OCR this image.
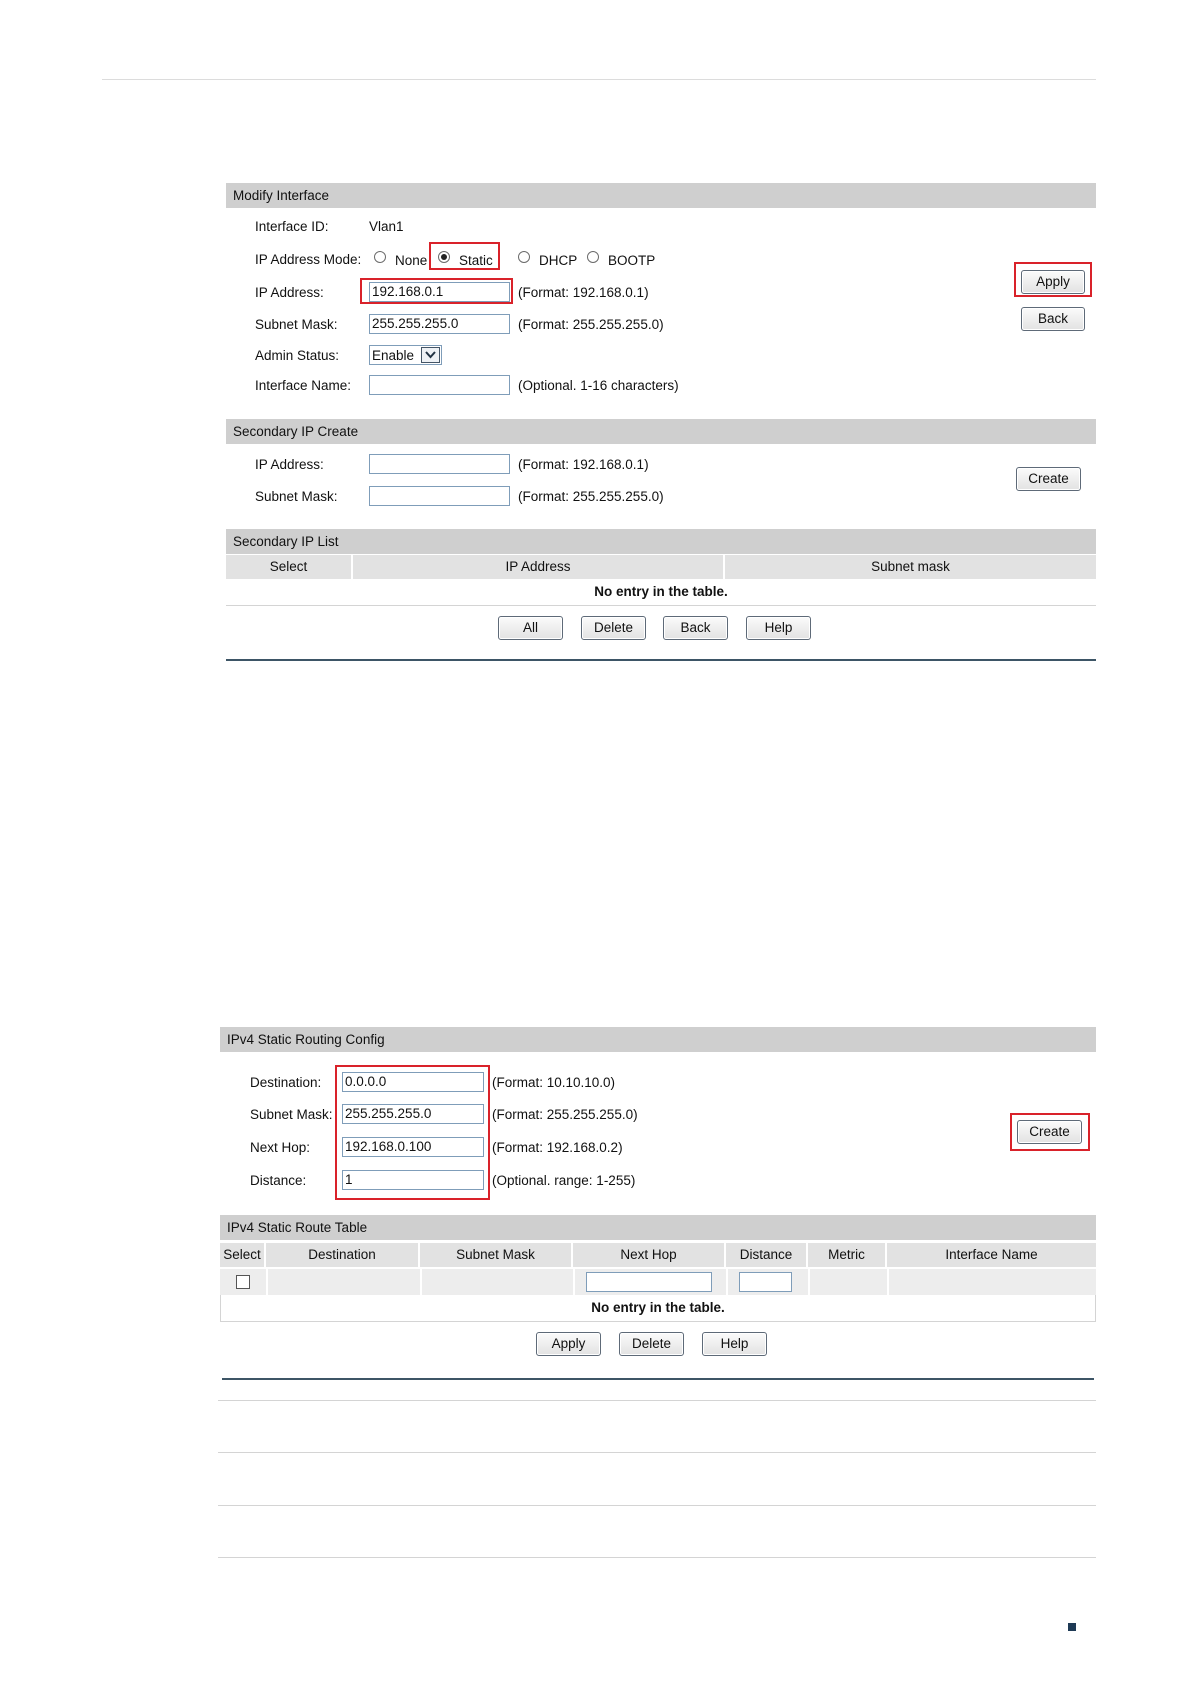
Modify Interface
Interface ID:	Vlan1
IP Address Mode: None Static	DHCP BOOTP
IP Address:	192.168.0.1	(Format: 192.168.0.1)
Subnet Mask:	255.255.255.0	(Format: 255.255.255.0)
Admin Status: Enable
Interface Name:	(Optional. 1-16 characters)
Apply
Back
Secondary IP Create
IP Address:	(Format: 192.168.0.1)
Subnet Mask:	(Format: 255.255.255.0)
Create
Secondary IP List
Select	IP Address	Subnet mask
No entry in the table.
All	Delete	Back	Help
IPv4 Static Routing Config
Destination: 0.0.0.0	(Format: 10.10.10.0)
Subnet Mask: 255.255.255.0	(Format: 255.255.255.0)
Next Hop:	192.168.0.100	(Format: 192.168.0.2)
Distance:	1	(Optional. range: 1-255)
Create
IPv4 Static Route Table
Select	Destination	Subnet Mask	Next Hop	Distance	Metric	Interface Name
No entry in the table.
Apply	Delete	Help
